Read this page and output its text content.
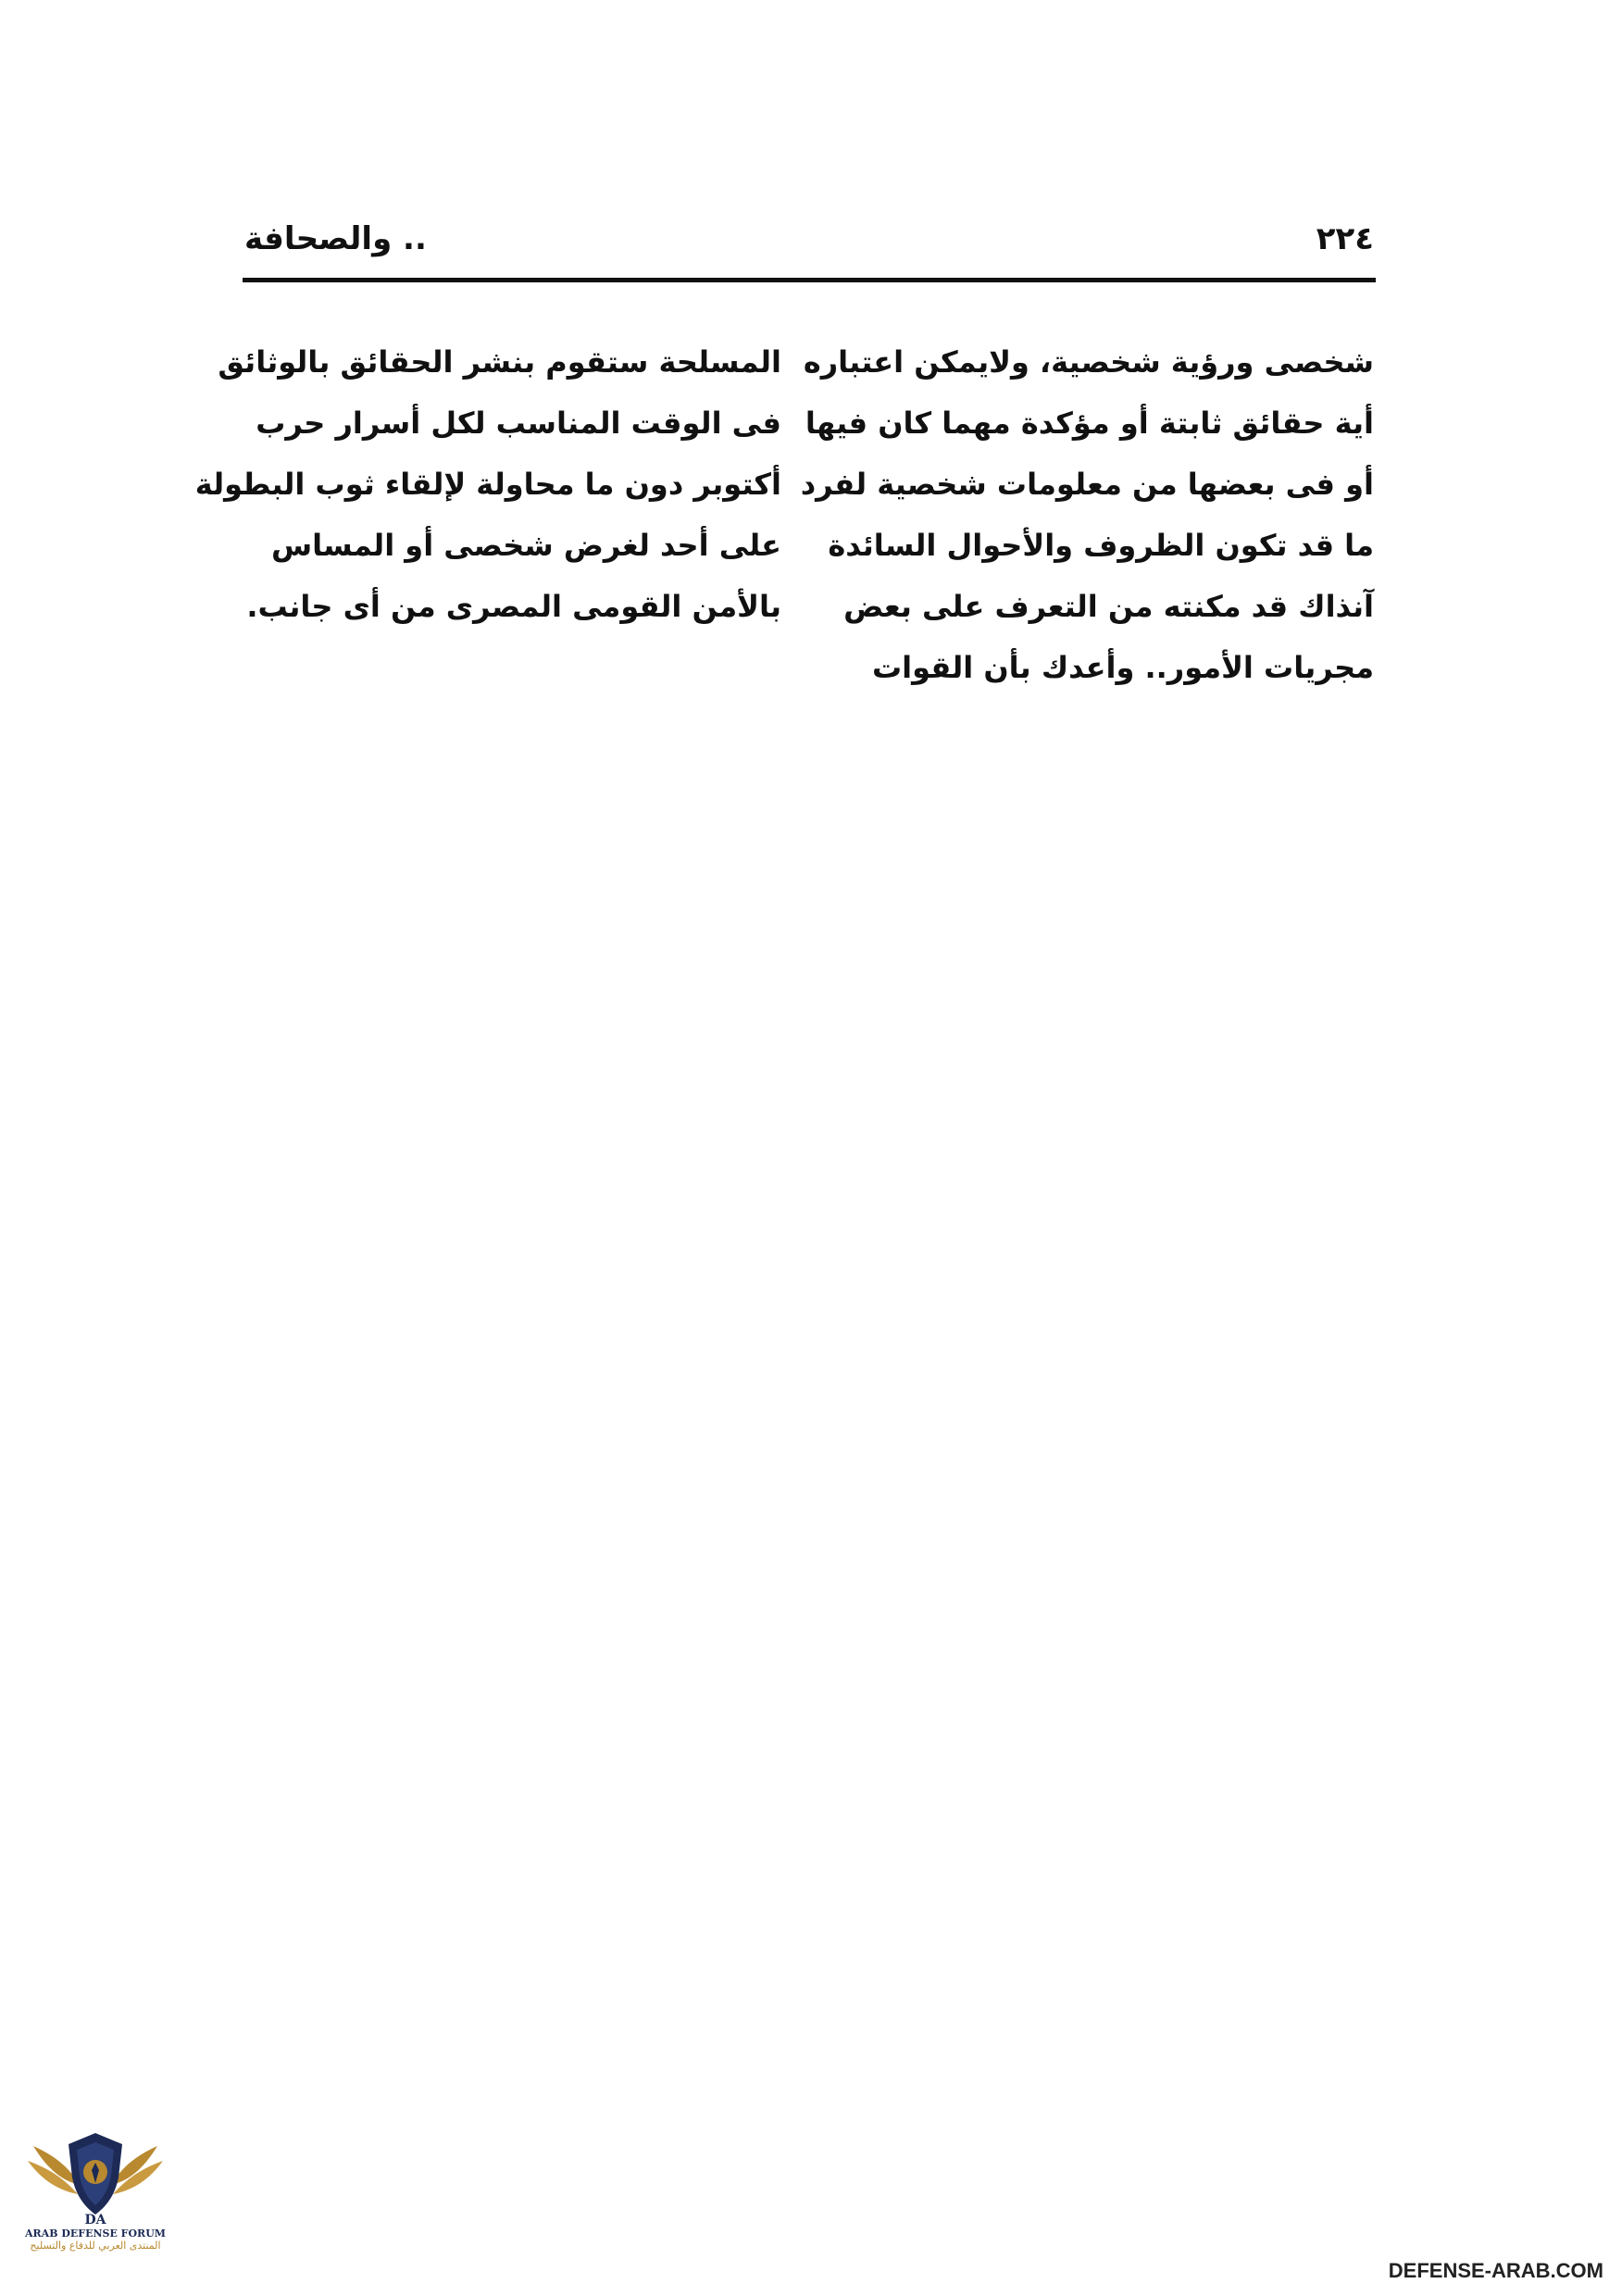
.. والصحافة	٢٢٤
شخصى ورؤية شخصية، ولايمكن اعتباره
أية حقائق ثابتة أو مؤكدة مهما كان فيها
أو فى بعضها من معلومات شخصية لفرد
ما قد تكون الظروف والأحوال السائدة
آنذاك قد مكنته من التعرف على بعض
مجريات الأمور.. وأعدك بأن القوات
المسلحة ستقوم بنشر الحقائق بالوثائق
فى الوقت المناسب لكل أسرار حرب
أكتوبر دون ما محاولة لإلقاء ثوب البطولة
على أحد لغرض شخصى أو المساس
بالأمن القومى المصرى من أى جانب.
DA
ARAB DEFENSE FORUM
المنتدى العربي للدفاع والتسليح
DEFENSE-ARAB.COM
